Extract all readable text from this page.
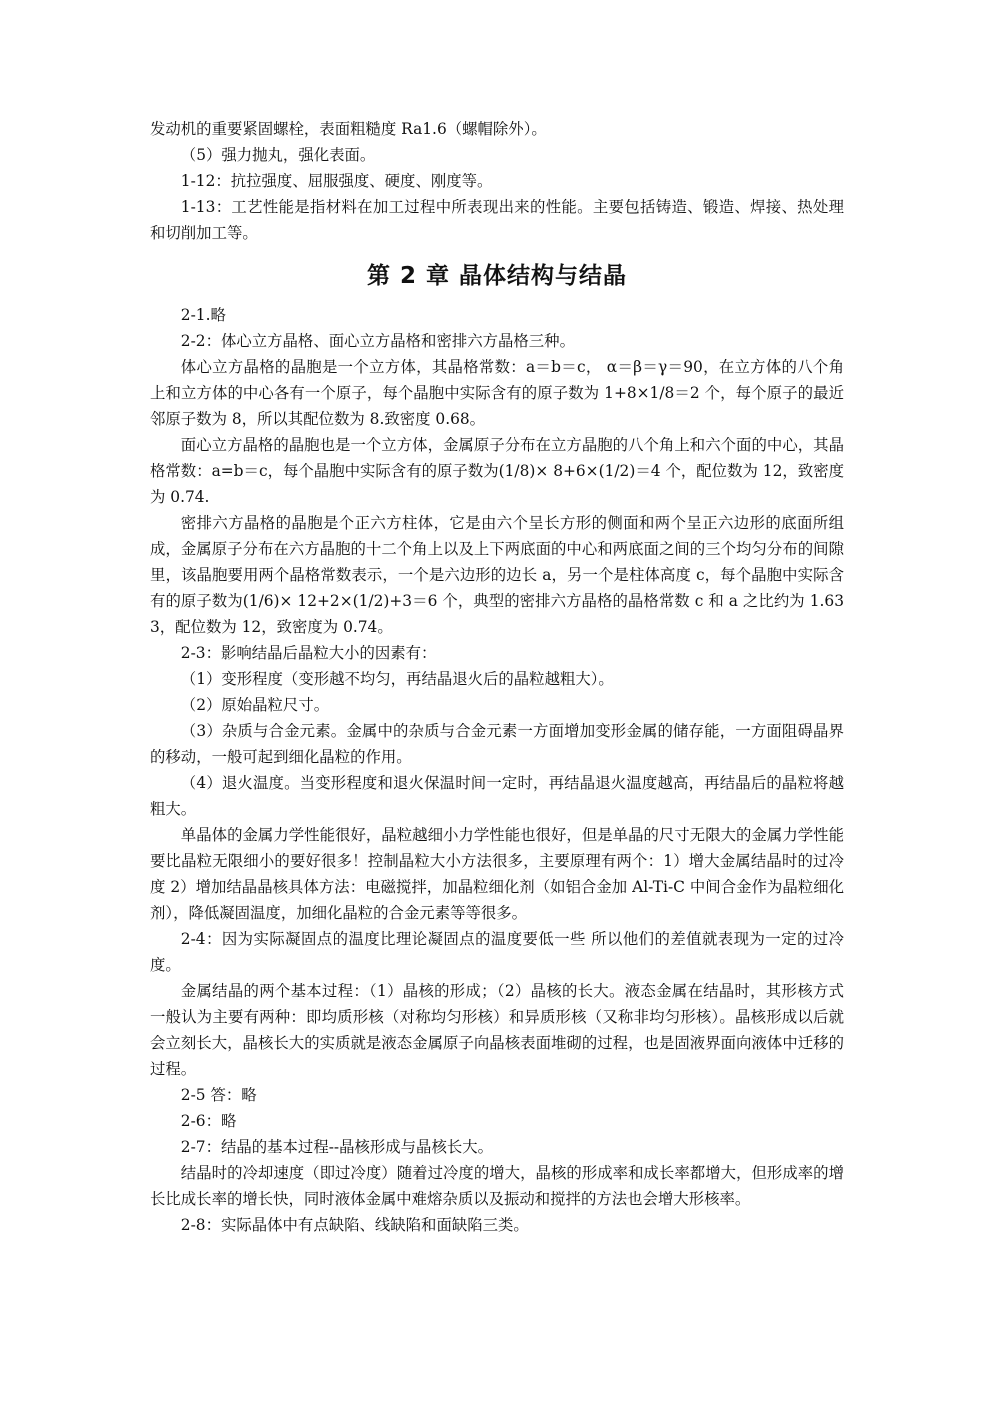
发动机的重要紧固螺栓，表面粗糙度 Ra1.6（螺帽除外）。

（5）强力抛丸，强化表面。

1-12：抗拉强度、屈服强度、硬度、刚度等。

1-13：工艺性能是指材料在加工过程中所表现出来的性能。主要包括铸造、锻造、焊接、热处理和切削加工等。

第 2 章 晶体结构与结晶

2-1.略

2-2：体心立方晶格、面心立方晶格和密排六方晶格三种。

体心立方晶格的晶胞是一个立方体，其晶格常数：a＝b＝c， α＝β＝γ＝90，在立方体的八个角上和立方体的中心各有一个原子，每个晶胞中实际含有的原子数为 1+8×1/8＝2 个，每个原子的最近邻原子数为 8，所以其配位数为 8.致密度 0.68。

面心立方晶格的晶胞也是一个立方体，金属原子分布在立方晶胞的八个角上和六个面的中心，其晶格常数：a=b＝c，每个晶胞中实际含有的原子数为(1/8)× 8+6×(1/2)＝4 个，配位数为 12，致密度为 0.74.

密排六方晶格的晶胞是个正六方柱体，它是由六个呈长方形的侧面和两个呈正六边形的底面所组成，金属原子分布在六方晶胞的十二个角上以及上下两底面的中心和两底面之间的三个均匀分布的间隙里，该晶胞要用两个晶格常数表示，一个是六边形的边长 a，另一个是柱体高度 c，每个晶胞中实际含有的原子数为(1/6)× 12+2×(1/2)+3＝6 个，典型的密排六方晶格的晶格常数 c 和 a 之比约为 1.633，配位数为 12，致密度为 0.74。

2-3：影响结晶后晶粒大小的因素有：

（1）变形程度（变形越不均匀，再结晶退火后的晶粒越粗大）。

（2）原始晶粒尺寸。

（3）杂质与合金元素。金属中的杂质与合金元素一方面增加变形金属的储存能，一方面阻碍晶界的移动，一般可起到细化晶粒的作用。

（4）退火温度。当变形程度和退火保温时间一定时，再结晶退火温度越高，再结晶后的晶粒将越粗大。

单晶体的金属力学性能很好，晶粒越细小力学性能也很好，但是单晶的尺寸无限大的金属力学性能要比晶粒无限细小的要好很多！控制晶粒大小方法很多，主要原理有两个：1）增大金属结晶时的过冷度 2）增加结晶晶核具体方法：电磁搅拌，加晶粒细化剂（如铝合金加 Al-Ti-C 中间合金作为晶粒细化剂），降低凝固温度，加细化晶粒的合金元素等等很多。

2-4：因为实际凝固点的温度比理论凝固点的温度要低一些 所以他们的差值就表现为一定的过冷度。

金属结晶的两个基本过程：（1）晶核的形成；（2）晶核的长大。液态金属在结晶时，其形核方式一般认为主要有两种：即均质形核（对称均匀形核）和异质形核（又称非均匀形核）。晶核形成以后就会立刻长大，晶核长大的实质就是液态金属原子向晶核表面堆砌的过程，也是固液界面向液体中迁移的过程。

2-5 答：略

2-6：略

2-7：结晶的基本过程--晶核形成与晶核长大。

结晶时的冷却速度（即过冷度）随着过冷度的增大，晶核的形成率和成长率都增大，但形成率的增长比成长率的增长快，同时液体金属中难熔杂质以及振动和搅拌的方法也会增大形核率。

2-8：实际晶体中有点缺陷、线缺陷和面缺陷三类。
